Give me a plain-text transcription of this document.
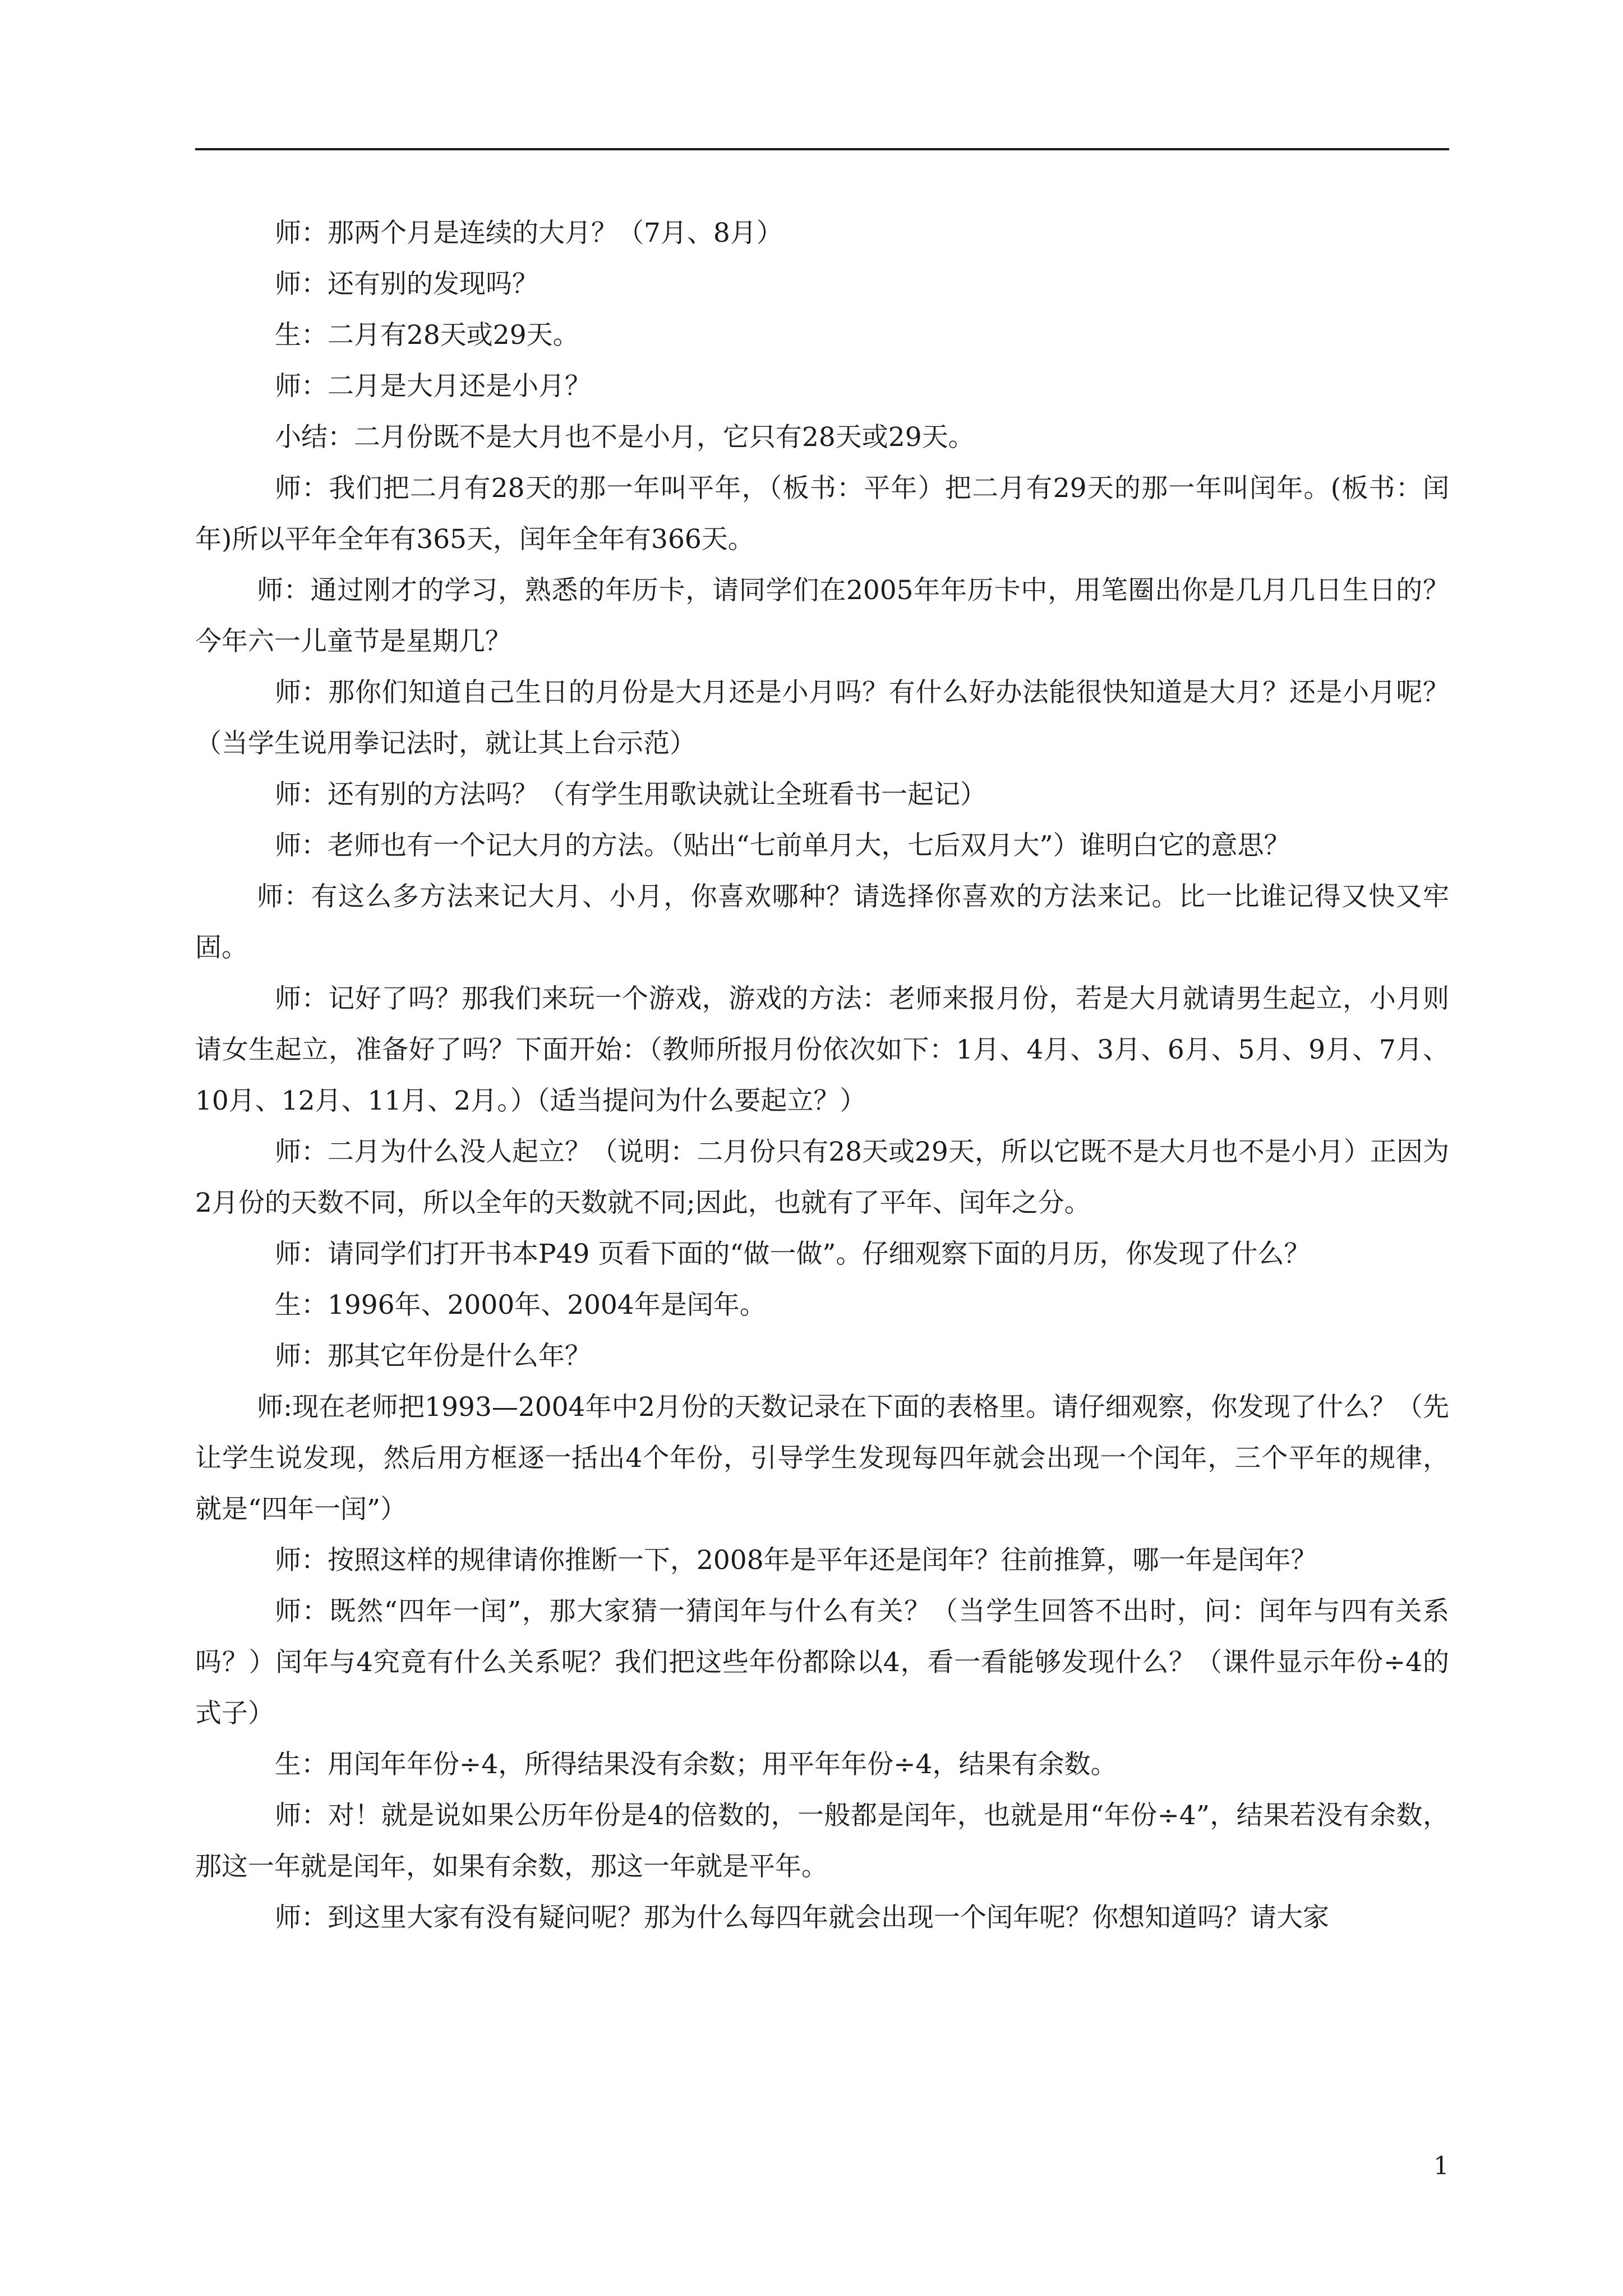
师：那两个月是连续的大月？（7月、8月）

师：还有别的发现吗？

生：二月有28天或29天。

师：二月是大月还是小月？

小结：二月份既不是大月也不是小月，它只有28天或29天。

师：我们把二月有28天的那一年叫平年，（板书：平年）把二月有29天的那一年叫闰年。(板书：闰年)所以平年全年有365天，闰年全年有366天。

师：通过刚才的学习，熟悉的年历卡，请同学们在2005年年历卡中，用笔圈出你是几月几日生日的？今年六一儿童节是星期几？

师：那你们知道自己生日的月份是大月还是小月吗？有什么好办法能很快知道是大月？还是小月呢？ （当学生说用拳记法时，就让其上台示范）

师：还有别的方法吗？（有学生用歌诀就让全班看书一起记）

师：老师也有一个记大月的方法。（贴出“七前单月大，七后双月大”）谁明白它的意思？

师：有这么多方法来记大月、小月，你喜欢哪种？请选择你喜欢的方法来记。比一比谁记得又快又牢固。

师：记好了吗？那我们来玩一个游戏，游戏的方法：老师来报月份，若是大月就请男生起立，小月则请女生起立，准备好了吗？下面开始：（教师所报月份依次如下：1月、4月、3月、6月、5月、9月、7月、10月、12月、11月、2月。）（适当提问为什么要起立？）

师：二月为什么没人起立？（说明：二月份只有28天或29天，所以它既不是大月也不是小月）正因为2月份的天数不同，所以全年的天数就不同;因此，也就有了平年、闰年之分。

师：请同学们打开书本P49 页看下面的“做一做”。仔细观察下面的月历，你发现了什么？

生：1996年、2000年、2004年是闰年。

师：那其它年份是什么年？

师:现在老师把1993—2004年中2月份的天数记录在下面的表格里。请仔细观察，你发现了什么？（先让学生说发现，然后用方框逐一括出4个年份，引导学生发现每四年就会出现一个闰年，三个平年的规律，就是“四年一闰”）

师：按照这样的规律请你推断一下，2008年是平年还是闰年？往前推算，哪一年是闰年？

师：既然“四年一闰”，那大家猜一猜闰年与什么有关？（当学生回答不出时，问：闰年与四有关系吗？）闰年与4究竟有什么关系呢？我们把这些年份都除以4，看一看能够发现什么？（课件显示年份÷4的式子）

生：用闰年年份÷4，所得结果没有余数；用平年年份÷4，结果有余数。

师：对！就是说如果公历年份是4的倍数的，一般都是闰年，也就是用“年份÷4”，结果若没有余数，那这一年就是闰年，如果有余数，那这一年就是平年。

师：到这里大家有没有疑问呢？那为什么每四年就会出现一个闰年呢？你想知道吗？请大家

1
